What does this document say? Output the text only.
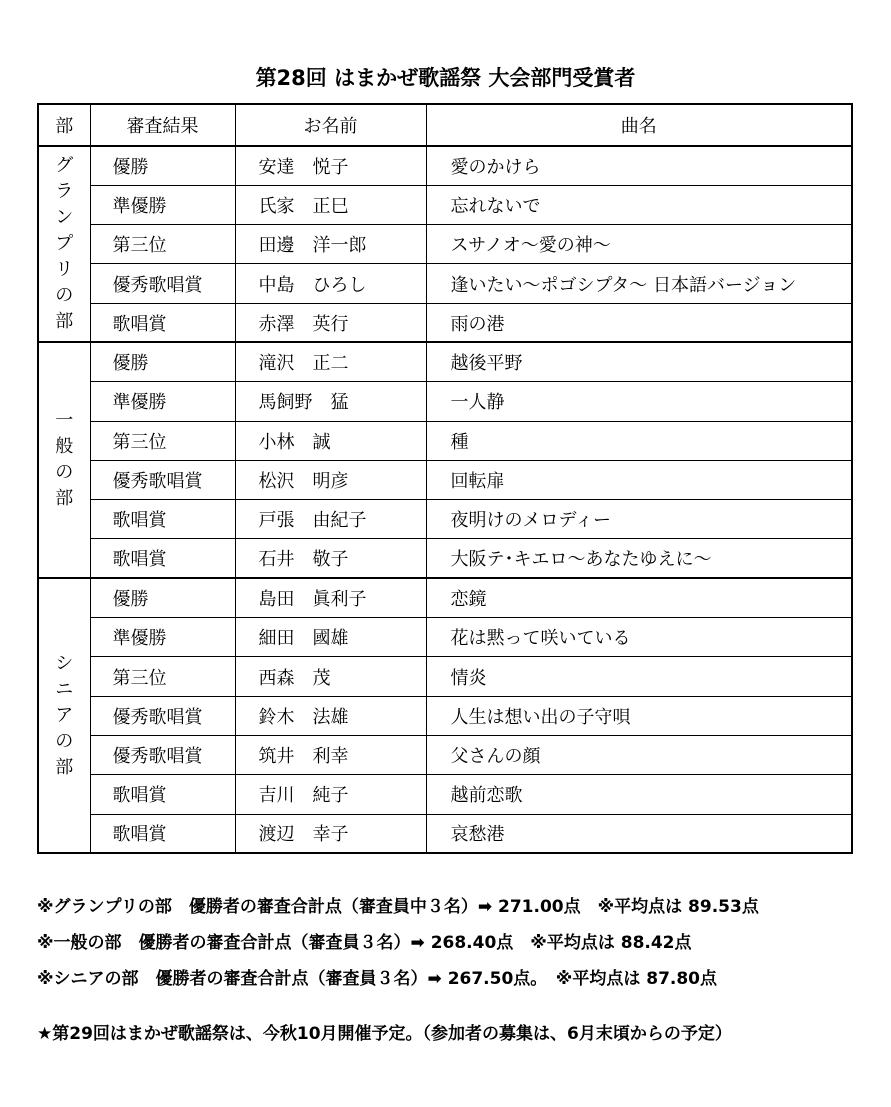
第28回 はまかぜ歌謡祭 大会部門受賞者
部	審査結果	お名前	曲名
グランプリの部	優勝	安達　悦子	愛のかけら
	準優勝	氏家　正巳	忘れないで
	第三位	田邊　洋一郎	スサノオ～愛の神～
	優秀歌唱賞	中島　ひろし	逢いたい～ポゴシプタ～ 日本語バージョン
	歌唱賞	赤澤　英行	雨の港
一般の部	優勝	滝沢　正二	越後平野
	準優勝	馬飼野　猛	一人静
	第三位	小林　誠	種
	優秀歌唱賞	松沢　明彦	回転扉
	歌唱賞	戸張　由紀子	夜明けのメロディー
	歌唱賞	石井　敬子	大阪テ･キエロ～あなたゆえに～
シニアの部	優勝	島田　眞利子	恋鏡
	準優勝	細田　國雄	花は黙って咲いている
	第三位	西森　茂	情炎
	優秀歌唱賞	鈴木　法雄	人生は想い出の子守唄
	優秀歌唱賞	筑井　利幸	父さんの顔
	歌唱賞	吉川　純子	越前恋歌
	歌唱賞	渡辺　幸子	哀愁港
※グランプリの部　優勝者の審査合計点（審査員中３名）➡ 271.00点　※平均点は 89.53点
※一般の部　優勝者の審査合計点（審査員３名）➡ 268.40点　※平均点は 88.42点
※シニアの部　優勝者の審査合計点（審査員３名）➡ 267.50点。　※平均点は 87.80点
★第29回はまかぜ歌謡祭は、今秋10月開催予定。（参加者の募集は、6月末頃からの予定）
